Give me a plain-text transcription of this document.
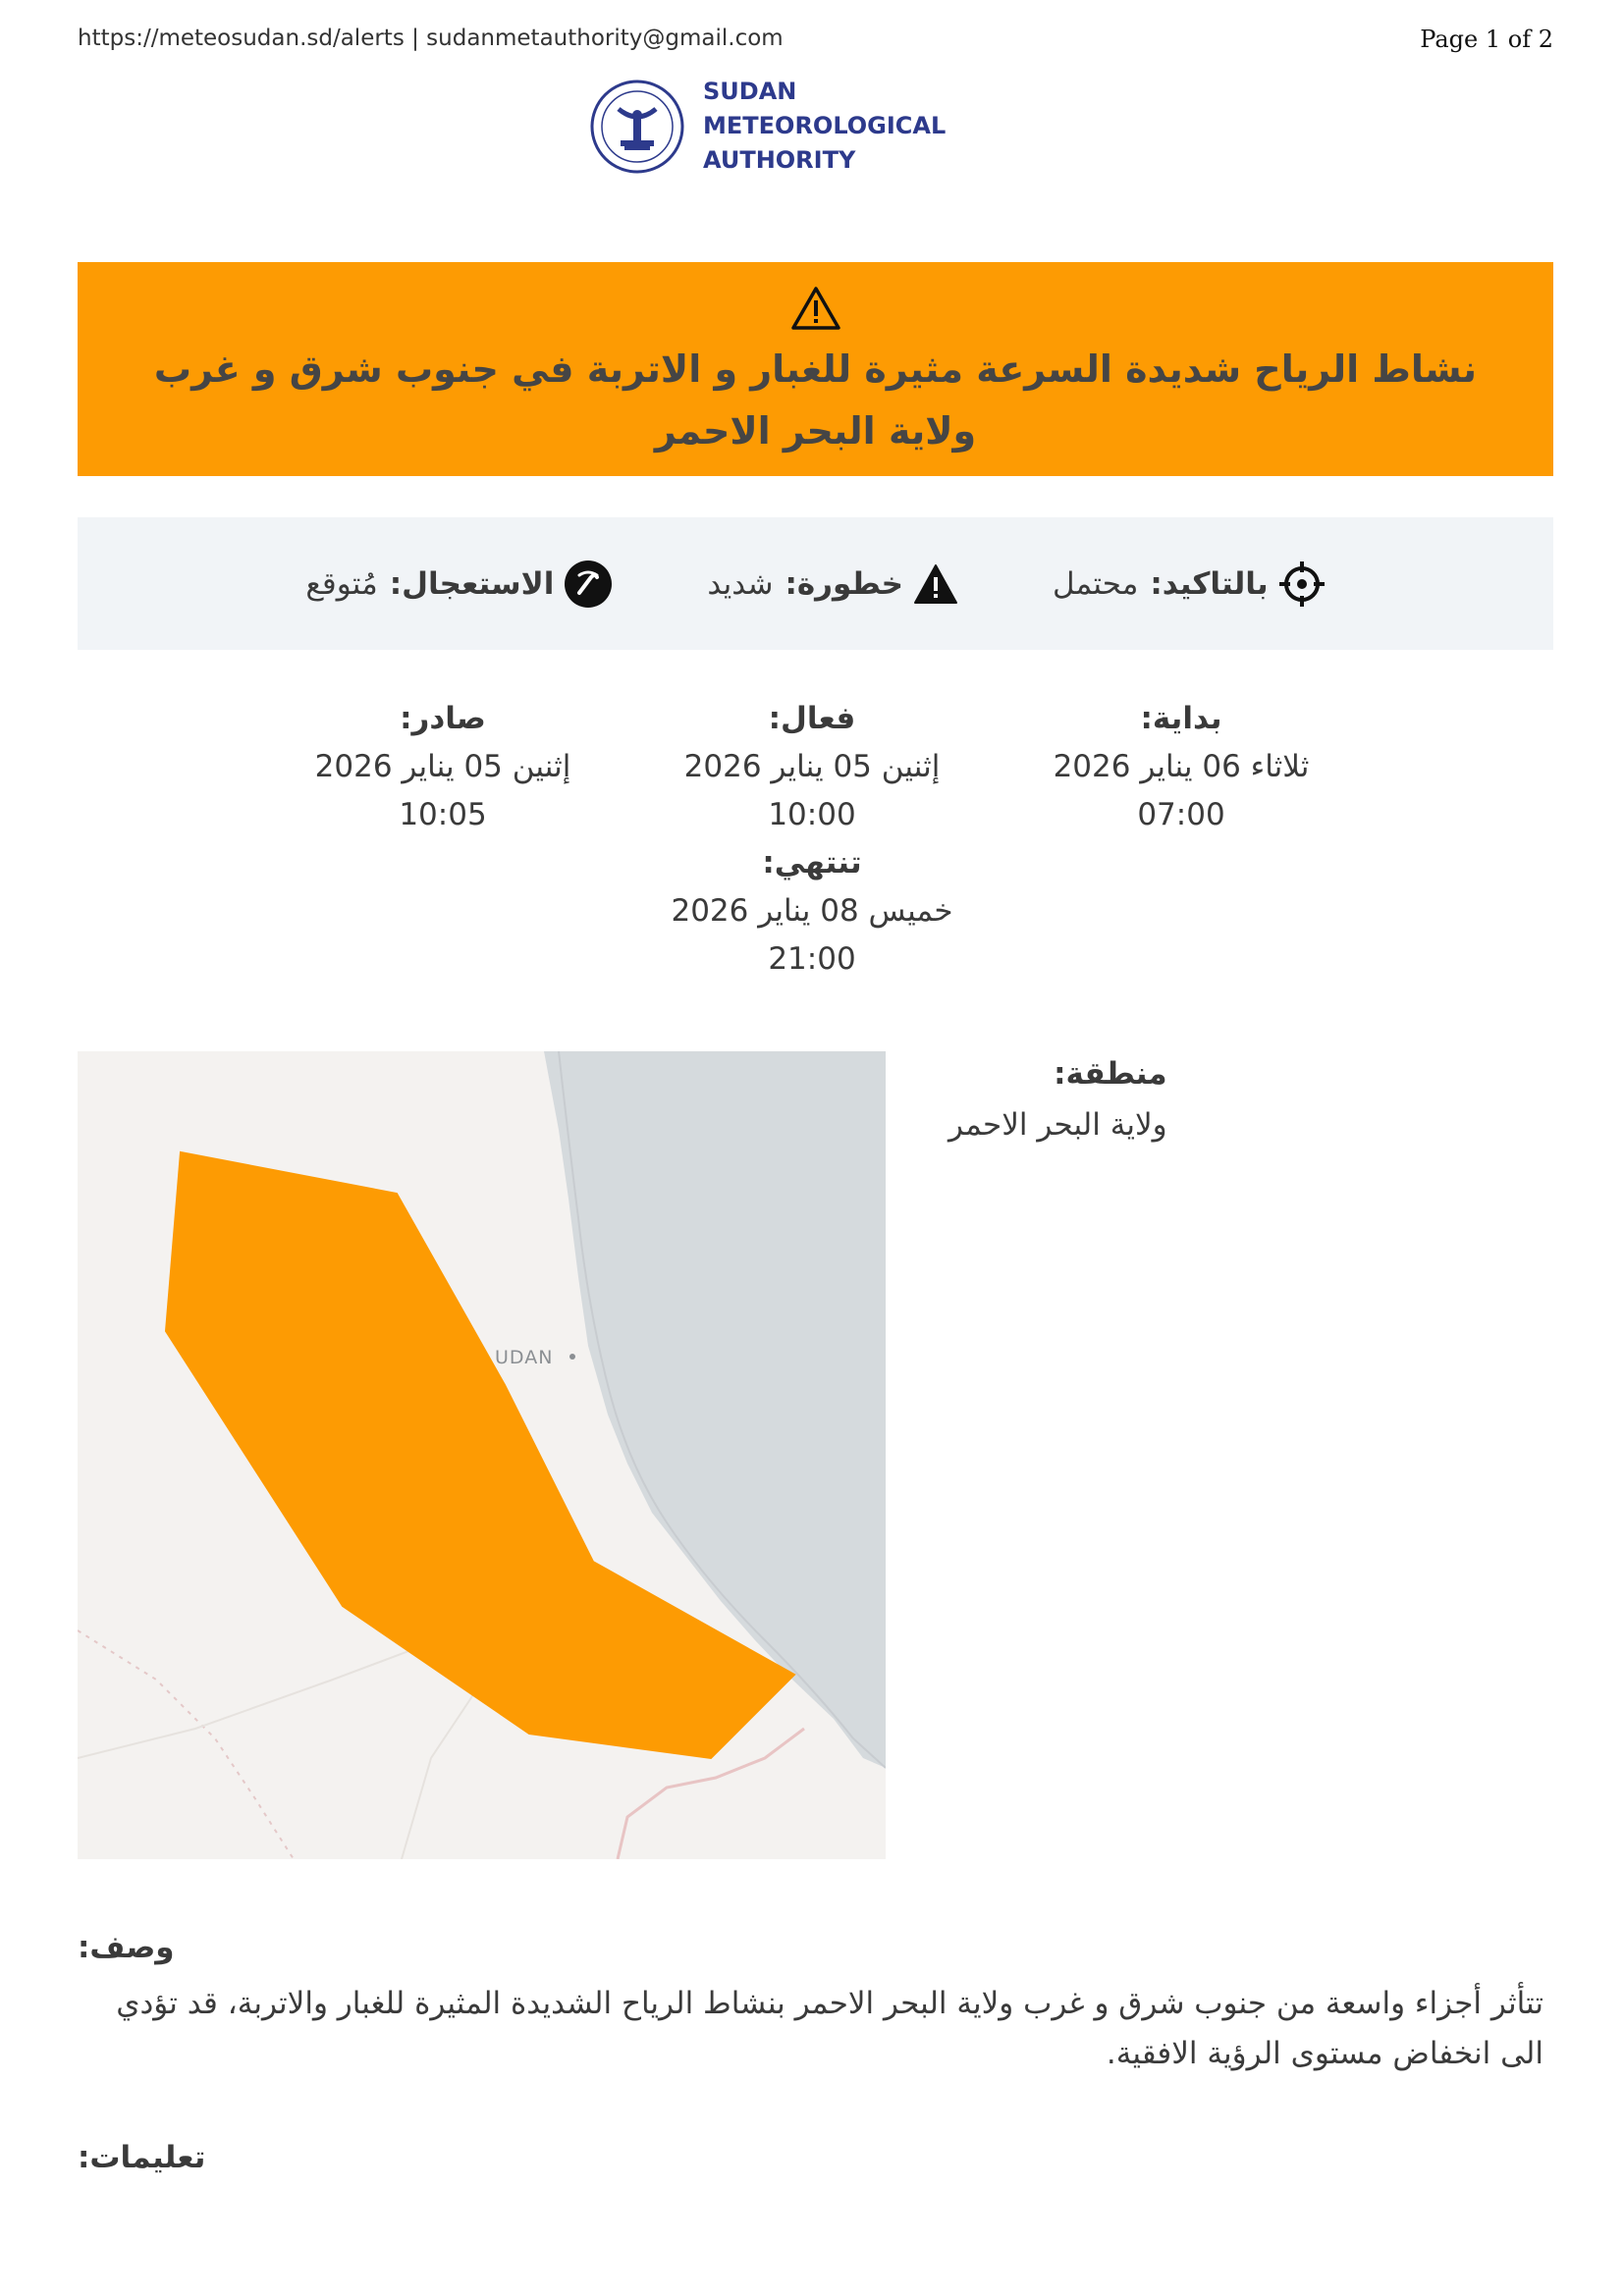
https://meteosudan.sd/alerts | sudanmetauthority@gmail.com	Page 1 of 2
SUDAN
METEOROLOGICAL
AUTHORITY
نشاط الرياح شديدة السرعة مثيرة للغبار و الاتربة في جنوب شرق و غرب ولاية البحر الاحمر
بالتاكيد:
محتمل
خطورة:
شديد
الاستعجال:
مُتوقع
بداية:
ثلاثاء 06 يناير 2026
07:00
فعال:
إثنين 05 يناير 2026
10:00
صادر:
إثنين 05 يناير 2026
10:05
تنتهي:
خميس 08 يناير 2026
21:00
UDAN
منطقة:
ولاية البحر الاحمر
وصف:
تتأثر أجزاء واسعة من جنوب شرق و غرب ولاية البحر الاحمر بنشاط الرياح الشديدة المثيرة للغبار والاتربة، قد تؤدي الى انخفاض مستوى الرؤية الافقية.
تعليمات:
